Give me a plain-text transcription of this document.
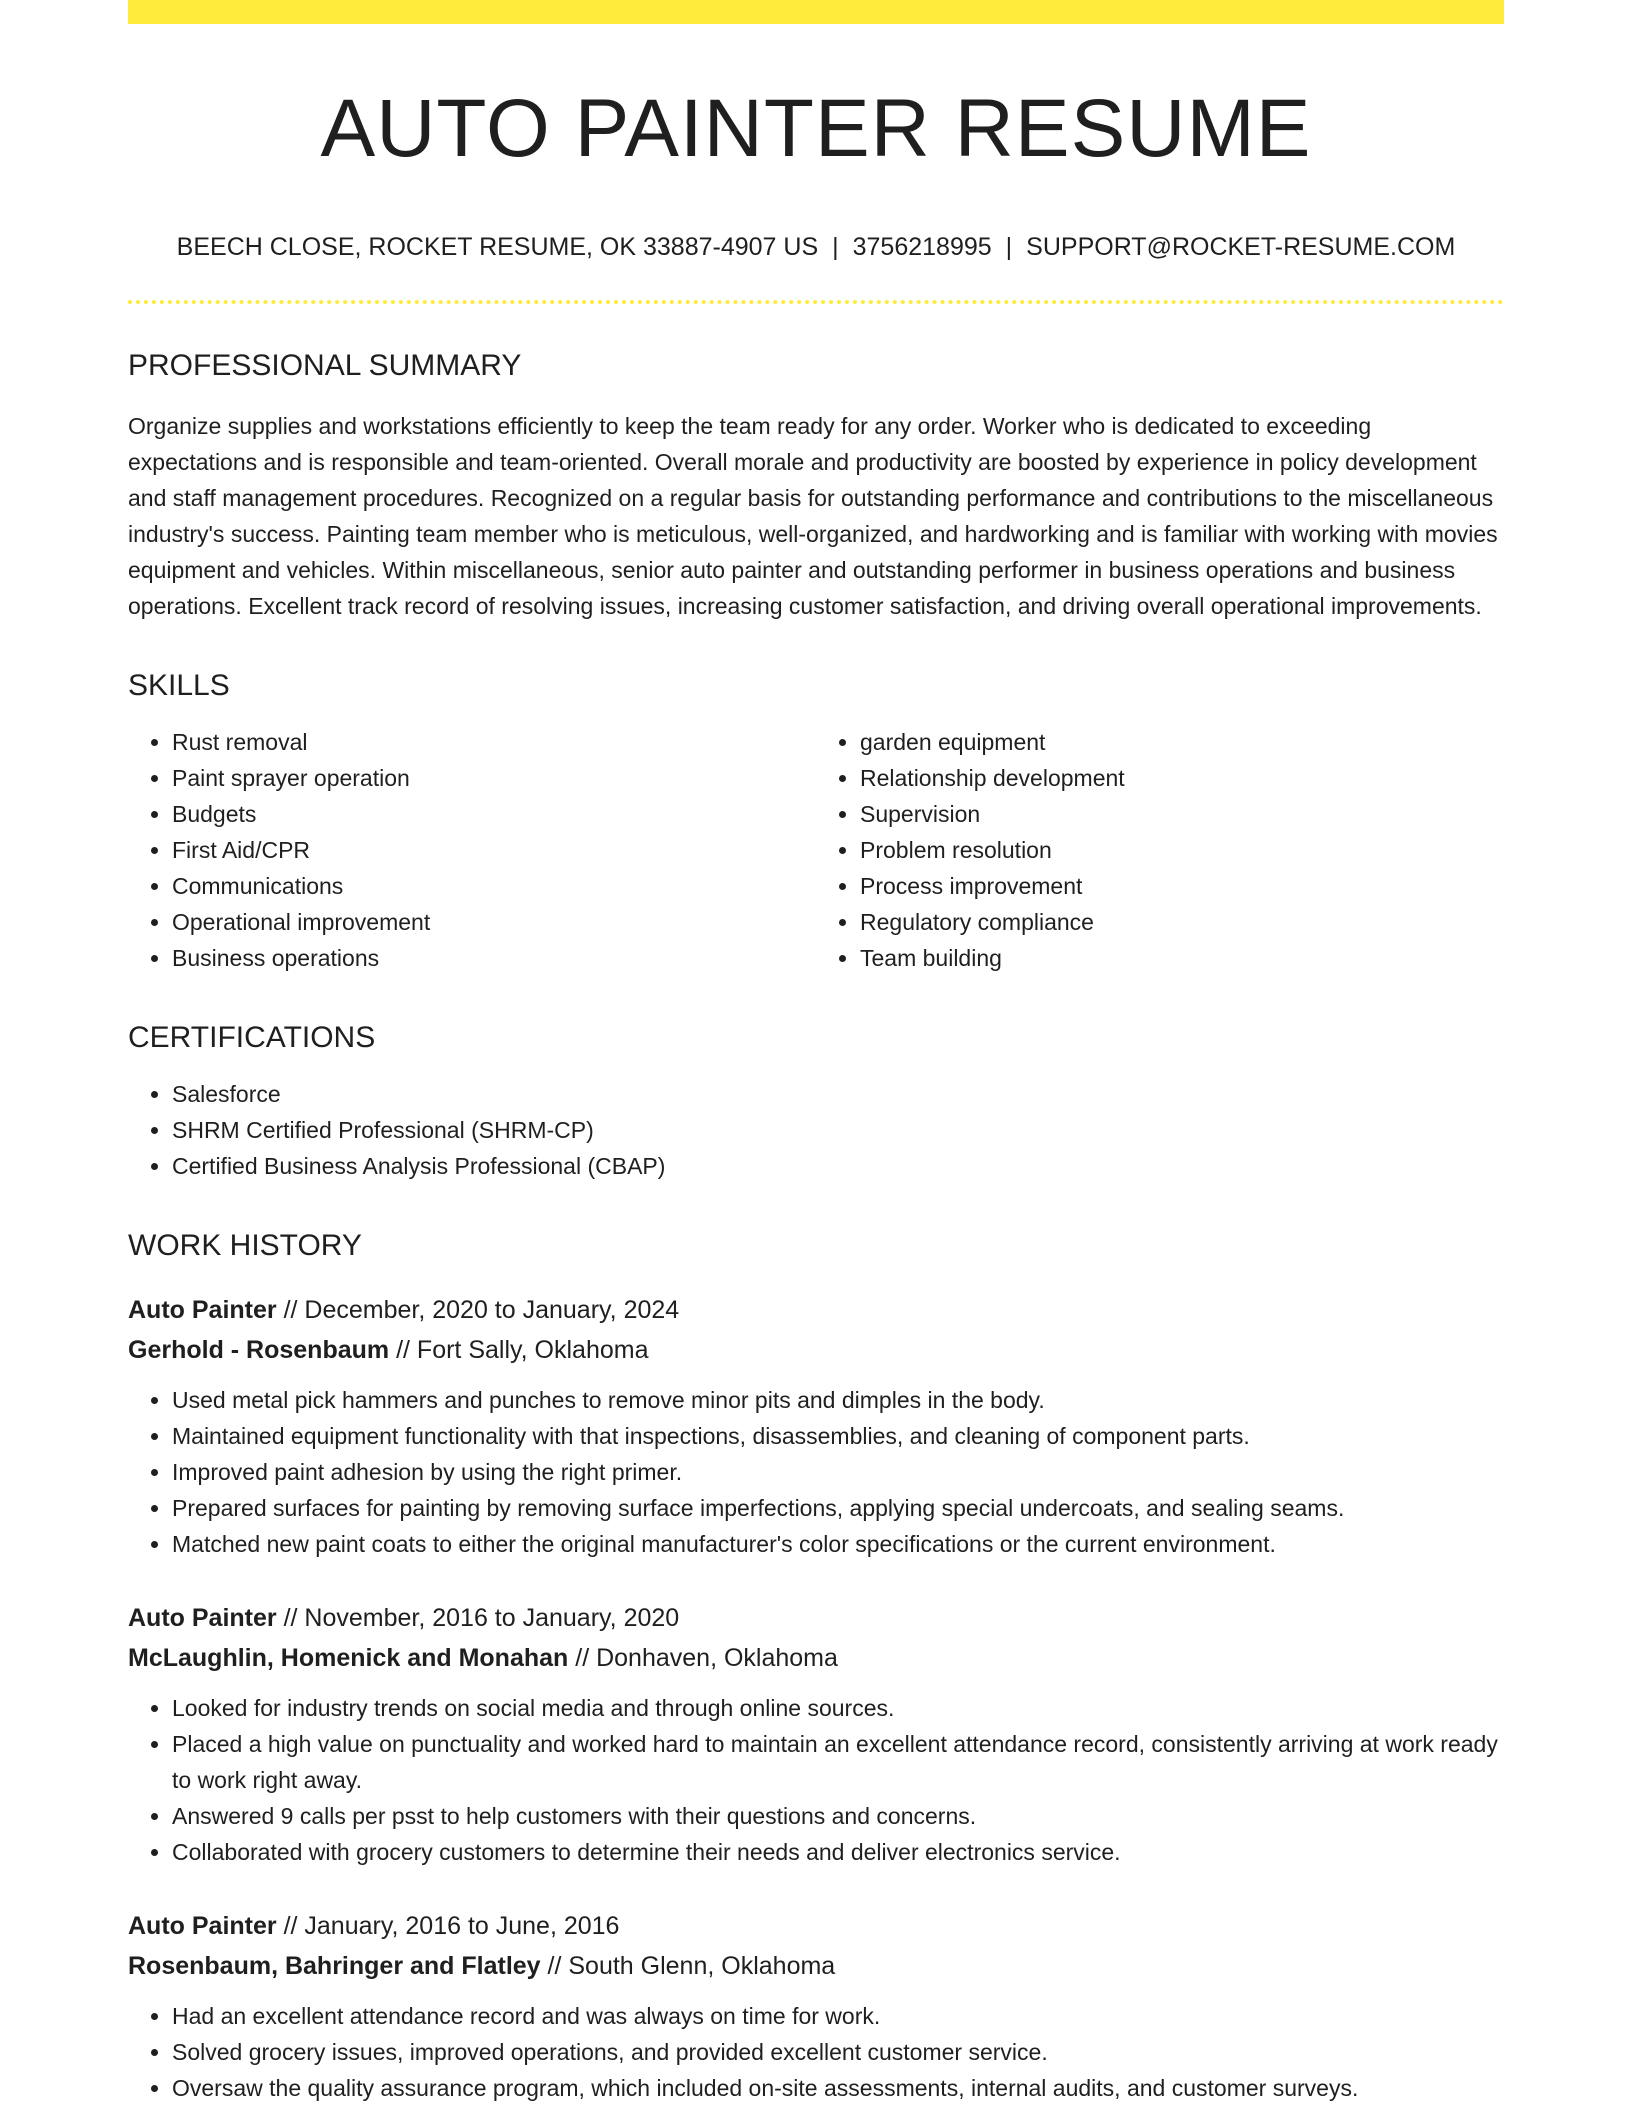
AUTO PAINTER RESUME
BEECH CLOSE, ROCKET RESUME, OK 33887-4907 US | 3756218995 | SUPPORT@ROCKET-RESUME.COM
PROFESSIONAL SUMMARY

Organize supplies and workstations efficiently to keep the team ready for any order. Worker who is dedicated to exceeding expectations and is responsible and team-oriented. Overall morale and productivity are boosted by experience in policy development and staff management procedures. Recognized on a regular basis for outstanding performance and contributions to the miscellaneous industry's success. Painting team member who is meticulous, well-organized, and hardworking and is familiar with working with movies equipment and vehicles. Within miscellaneous, senior auto painter and outstanding performer in business operations and business operations. Excellent track record of resolving issues, increasing customer satisfaction, and driving overall operational improvements.

SKILLS
• Rust removal
• Paint sprayer operation
• Budgets
• First Aid/CPR
• Communications
• Operational improvement
• Business operations
• garden equipment
• Relationship development
• Supervision
• Problem resolution
• Process improvement
• Regulatory compliance
• Team building
CERTIFICATIONS
• Salesforce
• SHRM Certified Professional (SHRM-CP)
• Certified Business Analysis Professional (CBAP)
WORK HISTORY
Auto Painter // December, 2020 to January, 2024
Gerhold - Rosenbaum // Fort Sally, Oklahoma
• Used metal pick hammers and punches to remove minor pits and dimples in the body.
• Maintained equipment functionality with that inspections, disassemblies, and cleaning of component parts.
• Improved paint adhesion by using the right primer.
• Prepared surfaces for painting by removing surface imperfections, applying special undercoats, and sealing seams.
• Matched new paint coats to either the original manufacturer's color specifications or the current environment.
Auto Painter // November, 2016 to January, 2020
McLaughlin, Homenick and Monahan // Donhaven, Oklahoma
• Looked for industry trends on social media and through online sources.
• Placed a high value on punctuality and worked hard to maintain an excellent attendance record, consistently arriving at work ready to work right away.
• Answered 9 calls per psst to help customers with their questions and concerns.
• Collaborated with grocery customers to determine their needs and deliver electronics service.
Auto Painter // January, 2016 to June, 2016
Rosenbaum, Bahringer and Flatley // South Glenn, Oklahoma
• Had an excellent attendance record and was always on time for work.
• Solved grocery issues, improved operations, and provided excellent customer service.
• Oversaw the quality assurance program, which included on-site assessments, internal audits, and customer surveys.
